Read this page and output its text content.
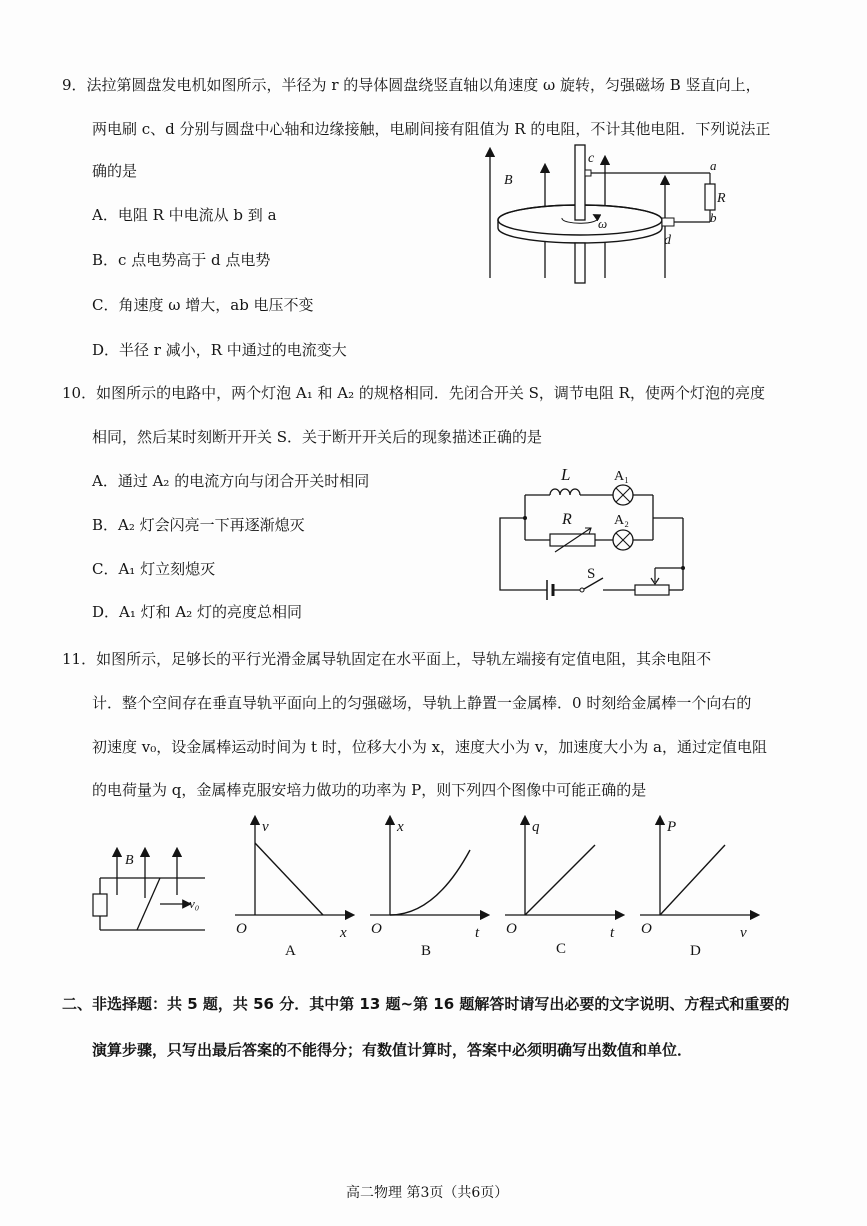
9．法拉第圆盘发电机如图所示，半径为 r 的导体圆盘绕竖直轴以角速度 ω 旋转，匀强磁场 B 竖直向上，
两电刷 c、d 分别与圆盘中心轴和边缘接触，电刷间接有阻值为 R 的电阻，不计其他电阻．下列说法正
确的是
A．电阻 R 中电流从 b 到 a
B．c 点电势高于 d 点电势
C．角速度 ω 增大，ab 电压不变
D．半径 r 减小，R 中通过的电流变大
B
c	a
R
b
ω
d
10．如图所示的电路中，两个灯泡 A₁ 和 A₂ 的规格相同．先闭合开关 S，调节电阻 R，使两个灯泡的亮度
相同，然后某时刻断开开关 S．关于断开开关后的现象描述正确的是
A．通过 A₂ 的电流方向与闭合开关时相同
B．A₂ 灯会闪亮一下再逐渐熄灭
C．A₁ 灯立刻熄灭
D．A₁ 灯和 A₂ 灯的亮度总相同
L	A₁
R	A₂
S
11．如图所示，足够长的平行光滑金属导轨固定在水平面上，导轨左端接有定值电阻，其余电阻不
计．整个空间存在垂直导轨平面向上的匀强磁场，导轨上静置一金属棒．0 时刻给金属棒一个向右的
初速度 v₀，设金属棒运动时间为 t 时，位移大小为 x，速度大小为 v，加速度大小为 a，通过定值电阻
的电荷量为 q，金属棒克服安培力做功的功率为 P，则下列四个图像中可能正确的是
B
v₀
v
x
O
A
x
t
O
B
q
t
O
C
P
v
O
D
二、非选择题：共 5 题，共 56 分．其中第 13 题~第 16 题解答时请写出必要的文字说明、方程式和重要的
演算步骤，只写出最后答案的不能得分；有数值计算时，答案中必须明确写出数值和单位．
高二物理 第3页（共6页）
